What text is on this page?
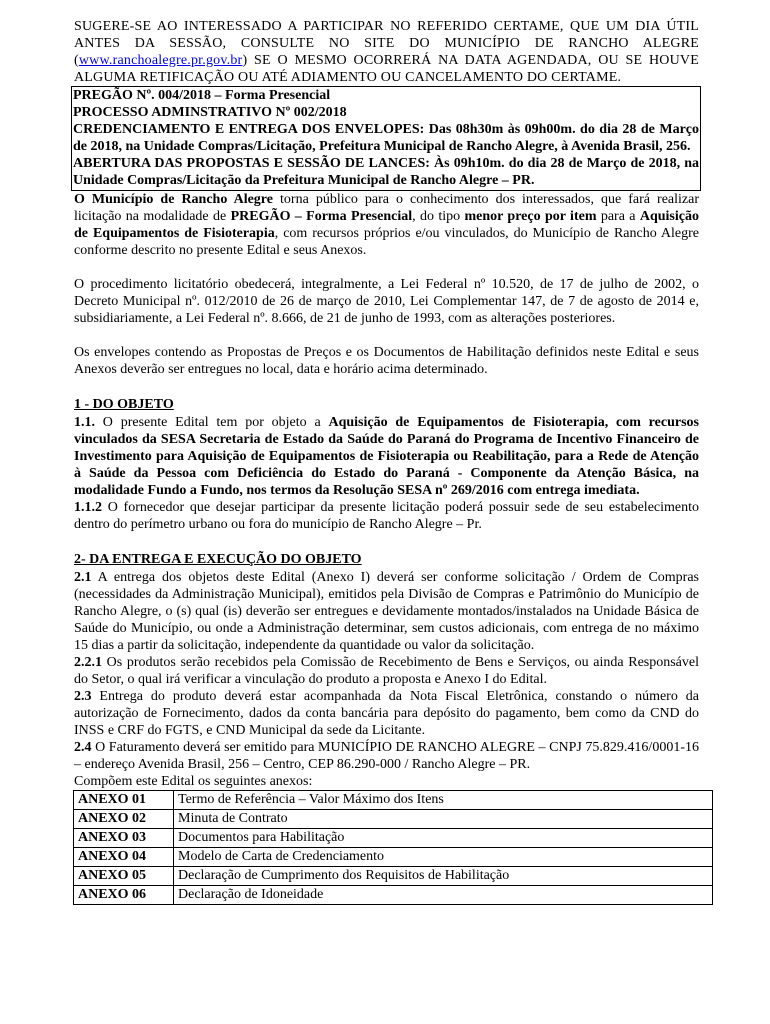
SUGERE-SE AO INTERESSADO A PARTICIPAR NO REFERIDO CERTAME, QUE UM DIA ÚTIL ANTES DA SESSÃO, CONSULTE NO SITE DO MUNICÍPIO DE RANCHO ALEGRE (www.ranchoalegre.pr.gov.br) SE O MESMO OCORRERÁ NA DATA AGENDADA, OU SE HOUVE ALGUMA RETIFICAÇÃO OU ATÉ ADIAMENTO OU CANCELAMENTO DO CERTAME.

PREGÃO Nº. 004/2018 – Forma Presencial
PROCESSO ADMINSTRATIVO Nº 002/2018
CREDENCIAMENTO E ENTREGA DOS ENVELOPES: Das 08h30m às 09h00m. do dia 28 de Março de 2018, na Unidade Compras/Licitação, Prefeitura Municipal de Rancho Alegre, à Avenida Brasil, 256.
ABERTURA DAS PROPOSTAS E SESSÃO DE LANCES: Às 09h10m. do dia 28 de Março de 2018, na Unidade Compras/Licitação da Prefeitura Municipal de Rancho Alegre – PR.

O Município de Rancho Alegre torna público para o conhecimento dos interessados, que fará realizar licitação na modalidade de PREGÃO – Forma Presencial, do tipo menor preço por item para a Aquisição de Equipamentos de Fisioterapia, com recursos próprios e/ou vinculados, do Município de Rancho Alegre conforme descrito no presente Edital e seus Anexos.

O procedimento licitatório obedecerá, integralmente, a Lei Federal nº 10.520, de 17 de julho de 2002, o Decreto Municipal nº. 012/2010 de 26 de março de 2010, Lei Complementar 147, de 7 de agosto de 2014 e, subsidiariamente, a Lei Federal nº. 8.666, de 21 de junho de 1993, com as alterações posteriores.

Os envelopes contendo as Propostas de Preços e os Documentos de Habilitação definidos neste Edital e seus Anexos deverão ser entregues no local, data e horário acima determinado.

1 - DO OBJETO

1.1. O presente Edital tem por objeto a Aquisição de Equipamentos de Fisioterapia, com recursos vinculados da SESA Secretaria de Estado da Saúde do Paraná do Programa de Incentivo Financeiro de Investimento para Aquisição de Equipamentos de Fisioterapia ou Reabilitação, para a Rede de Atenção à Saúde da Pessoa com Deficiência do Estado do Paraná - Componente da Atenção Básica, na modalidade Fundo a Fundo, nos termos da Resolução SESA nº 269/2016 com entrega imediata.

1.1.2 O fornecedor que desejar participar da presente licitação poderá possuir sede de seu estabelecimento dentro do perímetro urbano ou fora do município de Rancho Alegre – Pr.

2- DA ENTREGA E EXECUÇÃO DO OBJETO

2.1 A entrega dos objetos deste Edital (Anexo I) deverá ser conforme solicitação / Ordem de Compras (necessidades da Administração Municipal), emitidos pela Divisão de Compras e Patrimônio do Município de Rancho Alegre, o (s) qual (is) deverão ser entregues e devidamente montados/instalados na Unidade Básica de Saúde do Município, ou onde a Administração determinar, sem custos adicionais, com entrega de no máximo 15 dias a partir da solicitação, independente da quantidade ou valor da solicitação.

2.2.1 Os produtos serão recebidos pela Comissão de Recebimento de Bens e Serviços, ou ainda Responsável do Setor, o qual irá verificar a vinculação do produto a proposta e Anexo I do Edital.

2.3 Entrega do produto deverá estar acompanhada da Nota Fiscal Eletrônica, constando o número da autorização de Fornecimento, dados da conta bancária para depósito do pagamento, bem como da CND do INSS e CRF do FGTS, e CND Municipal da sede da Licitante.

2.4 O Faturamento deverá ser emitido para MUNICÍPIO DE RANCHO ALEGRE – CNPJ 75.829.416/0001-16 – endereço Avenida Brasil, 256 – Centro, CEP 86.290-000 / Rancho Alegre – PR.

Compõem este Edital os seguintes anexos:

ANEXO 01	Termo de Referência – Valor Máximo dos Itens
ANEXO 02	Minuta de Contrato
ANEXO 03	Documentos para Habilitação
ANEXO 04	Modelo de Carta de Credenciamento
ANEXO 05	Declaração de Cumprimento dos Requisitos de Habilitação
ANEXO 06	Declaração de Idoneidade
